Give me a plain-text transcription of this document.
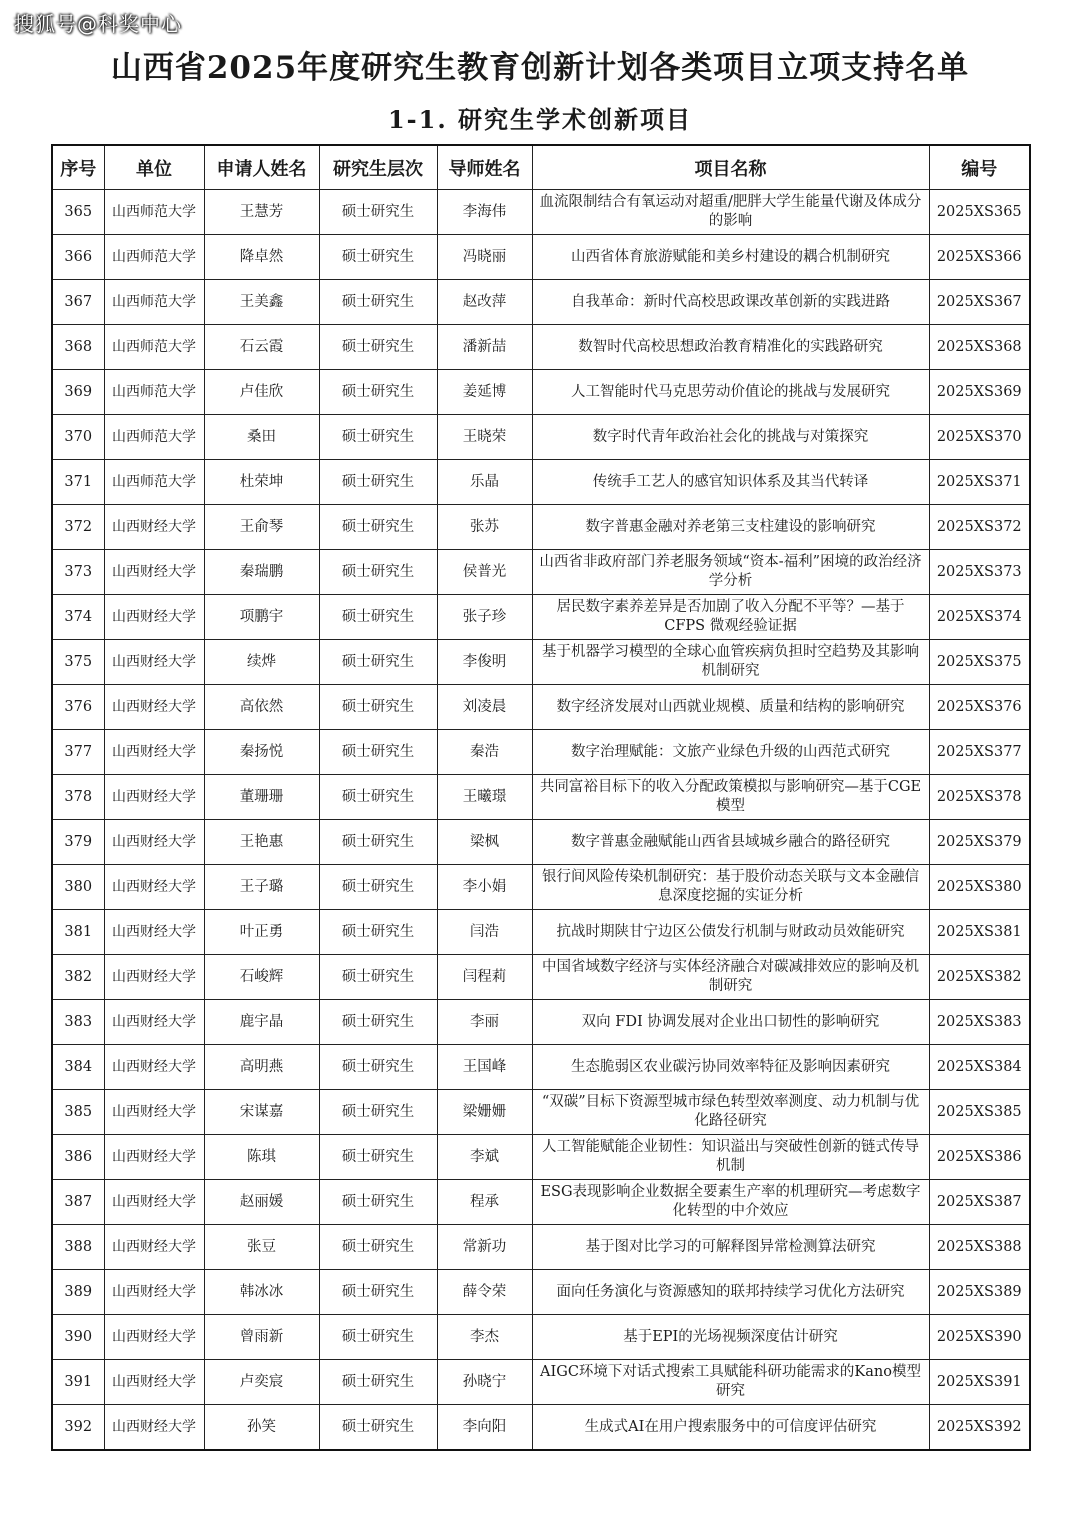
搜狐号@科奖中心
山西省2025年度研究生教育创新计划各类项目立项支持名单
1-1. 研究生学术创新项目
序号	单位	申请人姓名	研究生层次	导师姓名	项目名称	编号
365	山西师范大学	王慧芳	硕士研究生	李海伟	血流限制结合有氧运动对超重/肥胖大学生能量代谢及体成分的影响	2025XS365
366	山西师范大学	降卓然	硕士研究生	冯晓丽	山西省体育旅游赋能和美乡村建设的耦合机制研究	2025XS366
367	山西师范大学	王美鑫	硕士研究生	赵改萍	自我革命：新时代高校思政课改革创新的实践进路	2025XS367
368	山西师范大学	石云霞	硕士研究生	潘新喆	数智时代高校思想政治教育精准化的实践路研究	2025XS368
369	山西师范大学	卢佳欣	硕士研究生	姜延博	人工智能时代马克思劳动价值论的挑战与发展研究	2025XS369
370	山西师范大学	桑田	硕士研究生	王晓荣	数字时代青年政治社会化的挑战与对策探究	2025XS370
371	山西师范大学	杜荣坤	硕士研究生	乐晶	传统手工艺人的感官知识体系及其当代转译	2025XS371
372	山西财经大学	王俞琴	硕士研究生	张苏	数字普惠金融对养老第三支柱建设的影响研究	2025XS372
373	山西财经大学	秦瑞鹏	硕士研究生	侯普光	山西省非政府部门养老服务领域“资本-福利”困境的政治经济学分析	2025XS373
374	山西财经大学	项鹏宇	硕士研究生	张子珍	居民数字素养差异是否加剧了收入分配不平等？—基于 CFPS 微观经验证据	2025XS374
375	山西财经大学	续烨	硕士研究生	李俊明	基于机器学习模型的全球心血管疾病负担时空趋势及其影响机制研究	2025XS375
376	山西财经大学	高依然	硕士研究生	刘凌晨	数字经济发展对山西就业规模、质量和结构的影响研究	2025XS376
377	山西财经大学	秦扬悦	硕士研究生	秦浩	数字治理赋能：文旅产业绿色升级的山西范式研究	2025XS377
378	山西财经大学	董珊珊	硕士研究生	王曦璟	共同富裕目标下的收入分配政策模拟与影响研究—基于CGE模型	2025XS378
379	山西财经大学	王艳惠	硕士研究生	梁枫	数字普惠金融赋能山西省县域城乡融合的路径研究	2025XS379
380	山西财经大学	王子璐	硕士研究生	李小娟	银行间风险传染机制研究：基于股价动态关联与文本金融信息深度挖掘的实证分析	2025XS380
381	山西财经大学	叶正勇	硕士研究生	闫浩	抗战时期陕甘宁边区公债发行机制与财政动员效能研究	2025XS381
382	山西财经大学	石峻辉	硕士研究生	闫程莉	中国省域数字经济与实体经济融合对碳减排效应的影响及机制研究	2025XS382
383	山西财经大学	鹿宇晶	硕士研究生	李丽	双向 FDI 协调发展对企业出口韧性的影响研究	2025XS383
384	山西财经大学	高明燕	硕士研究生	王国峰	生态脆弱区农业碳污协同效率特征及影响因素研究	2025XS384
385	山西财经大学	宋谋嘉	硕士研究生	梁姗姗	“双碳”目标下资源型城市绿色转型效率测度、动力机制与优化路径研究	2025XS385
386	山西财经大学	陈琪	硕士研究生	李斌	人工智能赋能企业韧性：知识溢出与突破性创新的链式传导机制	2025XS386
387	山西财经大学	赵丽媛	硕士研究生	程承	ESG表现影响企业数据全要素生产率的机理研究—考虑数字化转型的中介效应	2025XS387
388	山西财经大学	张豆	硕士研究生	常新功	基于图对比学习的可解释图异常检测算法研究	2025XS388
389	山西财经大学	韩冰冰	硕士研究生	薛令荣	面向任务演化与资源感知的联邦持续学习优化方法研究	2025XS389
390	山西财经大学	曾雨新	硕士研究生	李杰	基于EPI的光场视频深度估计研究	2025XS390
391	山西财经大学	卢奕宸	硕士研究生	孙晓宁	AIGC环境下对话式搜索工具赋能科研功能需求的Kano模型研究	2025XS391
392	山西财经大学	孙笑	硕士研究生	李向阳	生成式AI在用户搜索服务中的可信度评估研究	2025XS392
